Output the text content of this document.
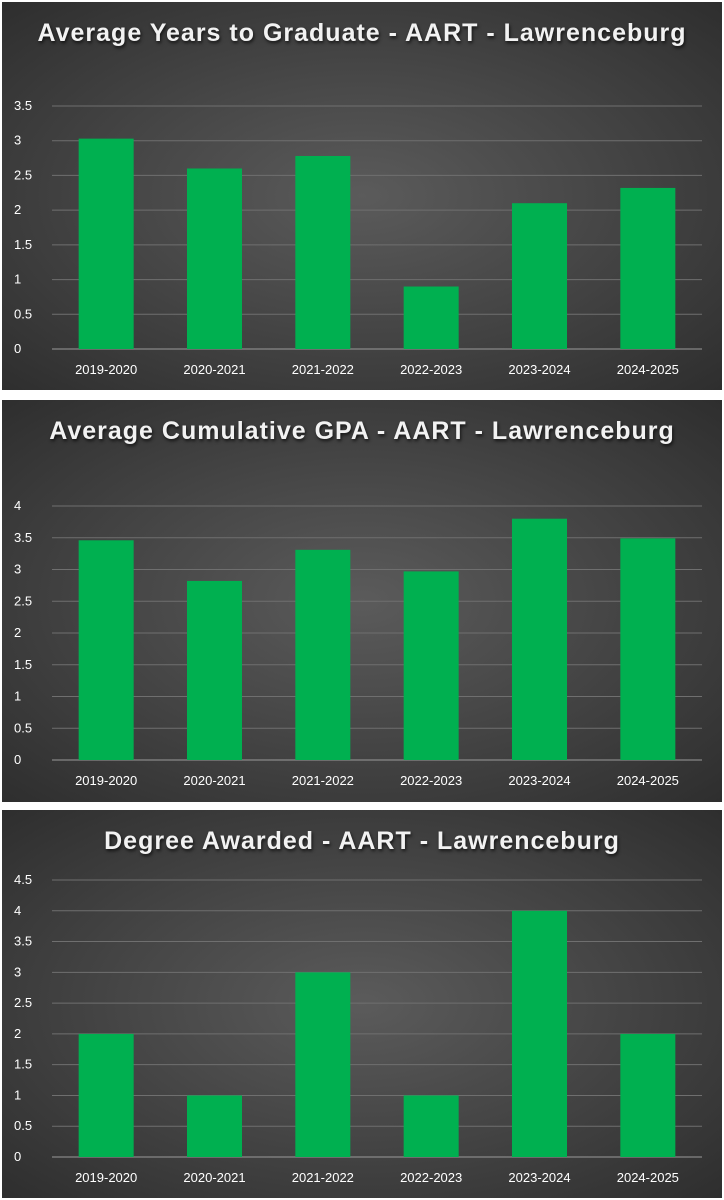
Average Years to Graduate - AART - Lawrenceburg
0
0.5
1
1.5
2
2.5
3
3.5
2019-2020	2020-2021	2021-2022	2022-2023	2023-2024	2024-2025
Average Cumulative GPA - AART - Lawrenceburg
0
0.5
1
1.5
2
2.5
3
3.5
4
2019-2020	2020-2021	2021-2022	2022-2023	2023-2024	2024-2025
Degree Awarded - AART - Lawrenceburg
0
0.5
1
1.5
2
2.5
3
3.5
4
4.5
2019-2020	2020-2021	2021-2022	2022-2023	2023-2024	2024-2025
